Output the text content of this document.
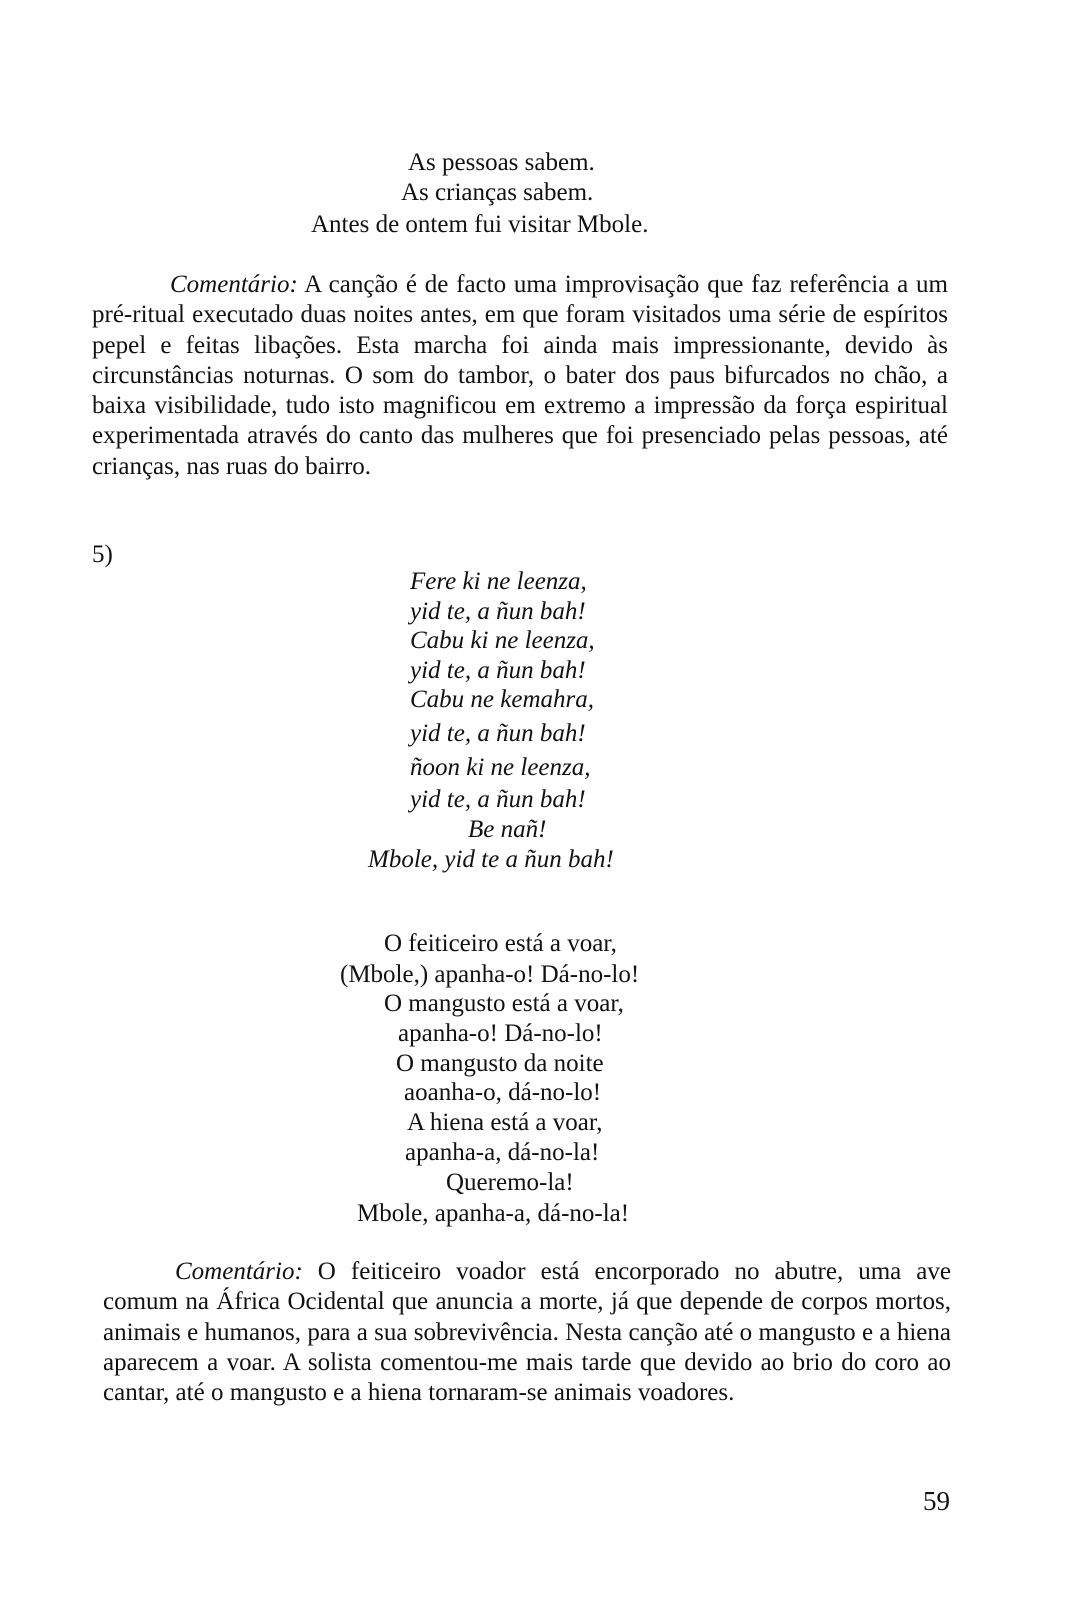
As pessoas sabem.
As crianças sabem.
Antes de ontem fui visitar Mbole.
Comentário: A canção é de facto uma improvisação que faz referência a um pré-ritual executado duas noites antes, em que foram visitados uma série de espíritos pepel e feitas libações. Esta marcha foi ainda mais impressionante, devido às circunstâncias noturnas. O som do tambor, o bater dos paus bifurcados no chão, a baixa visibilidade, tudo isto magnificou em extremo a impressão da força espiritual experimentada através do canto das mulheres que foi presenciado pelas pessoas, até crianças, nas ruas do bairro.
5)
Fere ki ne leenza,
yid te, a ñun bah!
Cabu ki ne leenza,
yid te, a ñun bah!
Cabu ne kemahra,
yid te, a ñun bah!
ñoon ki ne leenza,
yid te, a ñun bah!
Be nañ!
Mbole, yid te a ñun bah!
O feiticeiro está a voar,
(Mbole,) apanha-o! Dá-no-lo!
O mangusto está a voar,
apanha-o! Dá-no-lo!
O mangusto da noite
aoanha-o, dá-no-lo!
A hiena está a voar,
apanha-a, dá-no-la!
Queremo-la!
Mbole, apanha-a, dá-no-la!
Comentário: O feiticeiro voador está encorporado no abutre, uma ave comum na África Ocidental que anuncia a morte, já que depende de corpos mortos, animais e humanos, para a sua sobrevivência. Nesta canção até o mangusto e a hiena aparecem a voar. A solista comentou-me mais tarde que devido ao brio do coro ao cantar, até o mangusto e a hiena tornaram-se animais voadores.
59
